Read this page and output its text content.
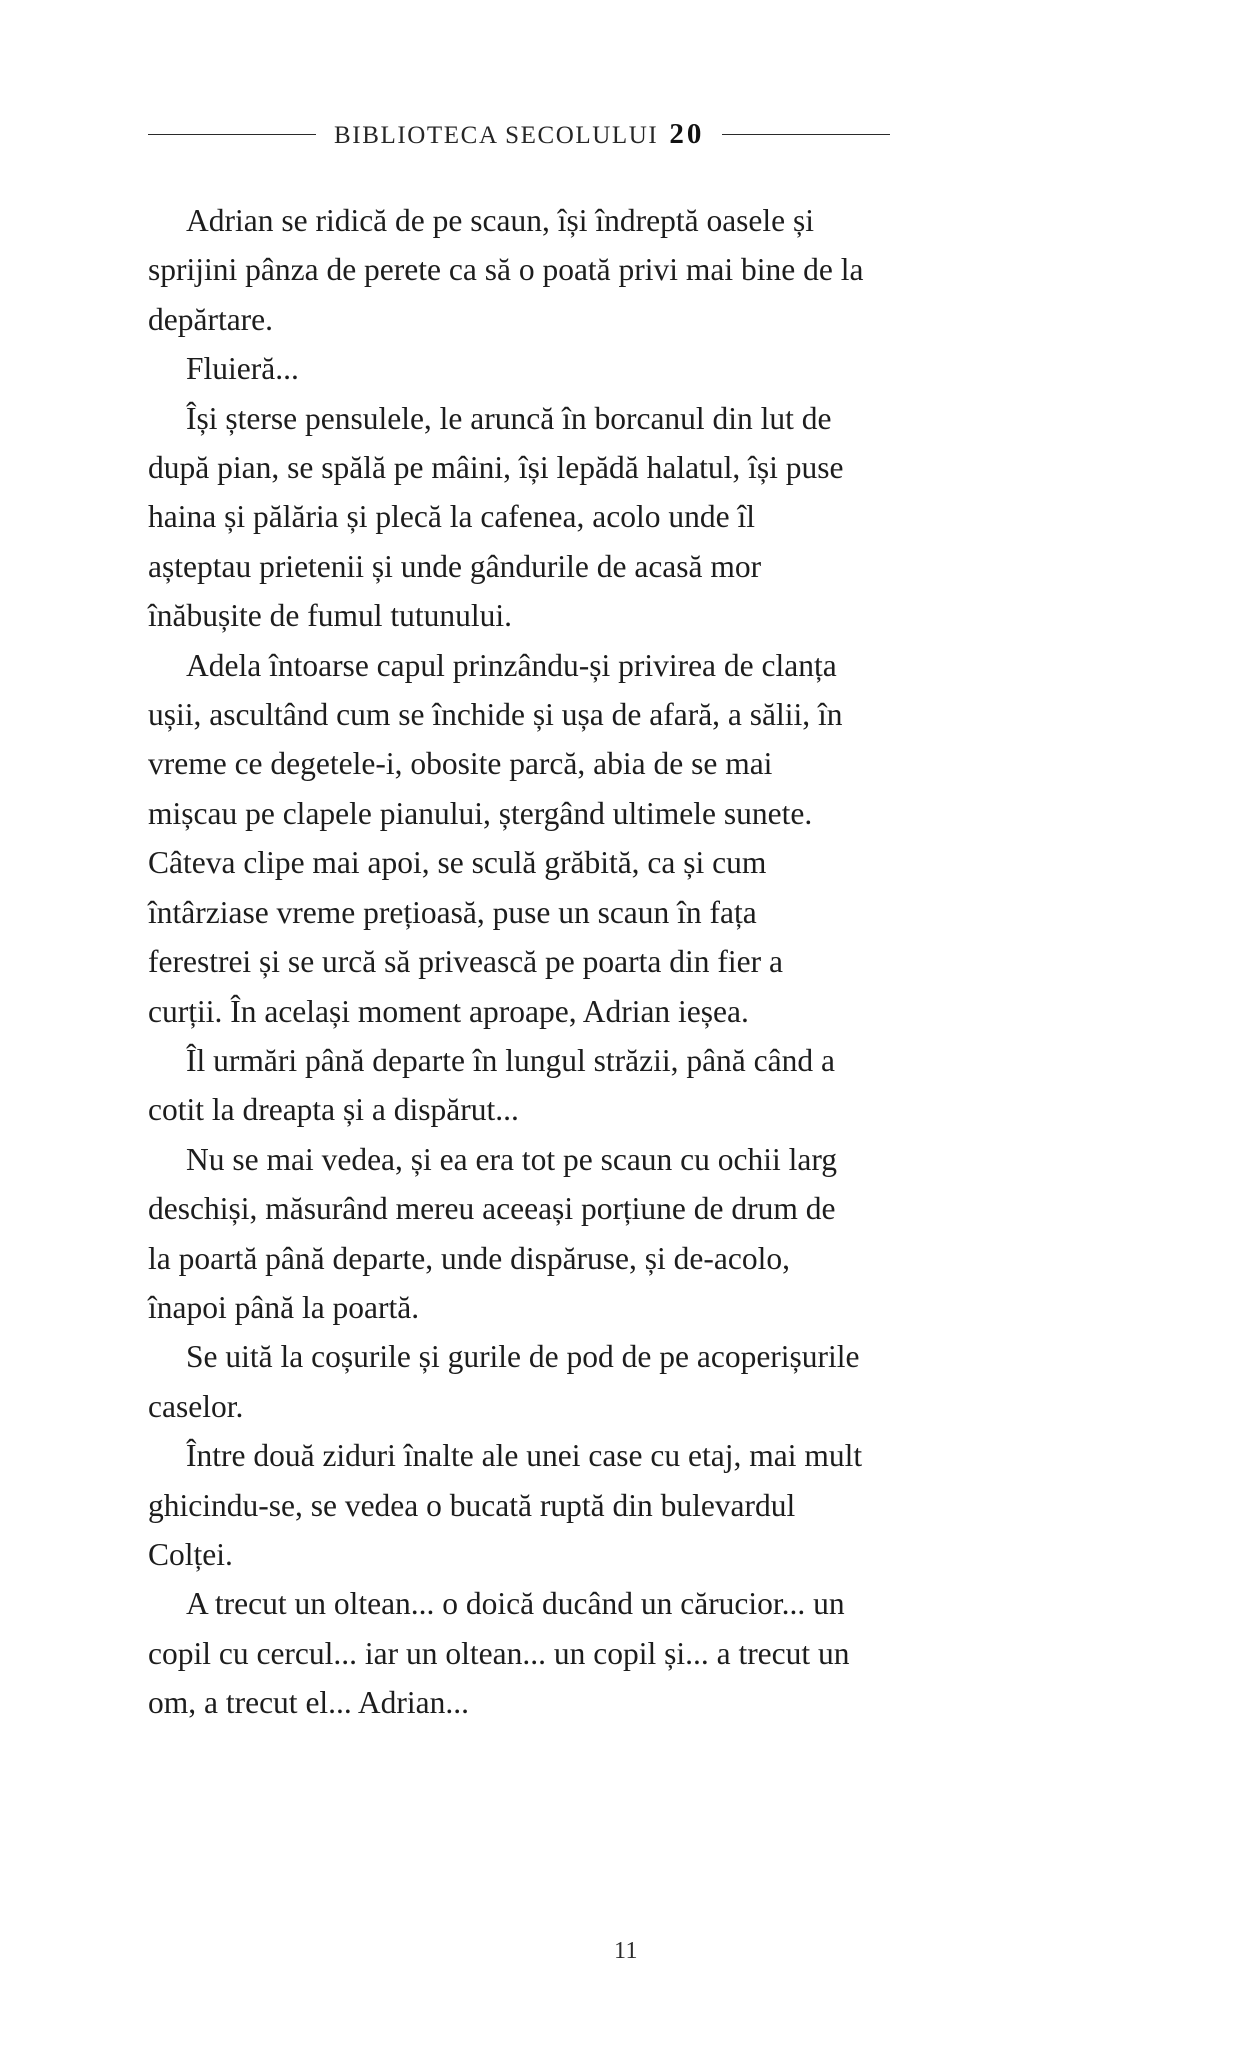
BIBLIOTECA SECOLULUI 20

Adrian se ridică de pe scaun, își îndreptă oasele și sprijini pânza de perete ca să o poată privi mai bine de la depărtare.

Fluieră...

Își șterse pensulele, le aruncă în borcanul din lut de după pian, se spălă pe mâini, își lepădă halatul, își puse haina și pălăria și plecă la cafenea, acolo unde îl așteptau prietenii și unde gândurile de acasă mor înăbușite de fumul tutunului.

Adela întoarse capul prinzându-și privirea de clanța ușii, ascultând cum se închide și ușa de afară, a sălii, în vreme ce degetele-i, obosite parcă, abia de se mai mișcau pe clapele pianului, ștergând ultimele sunete. Câteva clipe mai apoi, se sculă grăbită, ca și cum întârziase vreme prețioasă, puse un scaun în fața ferestrei și se urcă să privească pe poarta din fier a curții. În același moment aproape, Adrian ieșea.

Îl urmări până departe în lungul străzii, până când a cotit la dreapta și a dispărut...

Nu se mai vedea, și ea era tot pe scaun cu ochii larg deschiși, măsurând mereu aceeași porțiune de drum de la poartă până departe, unde dispăruse, și de-acolo, înapoi până la poartă.

Se uită la coșurile și gurile de pod de pe acoperișurile caselor.

Între două ziduri înalte ale unei case cu etaj, mai mult ghicindu-se, se vedea o bucată ruptă din bulevardul Colței.

A trecut un oltean... o doică ducând un cărucior... un copil cu cercul... iar un oltean... un copil și... a trecut un om, a trecut el... Adrian...

11
